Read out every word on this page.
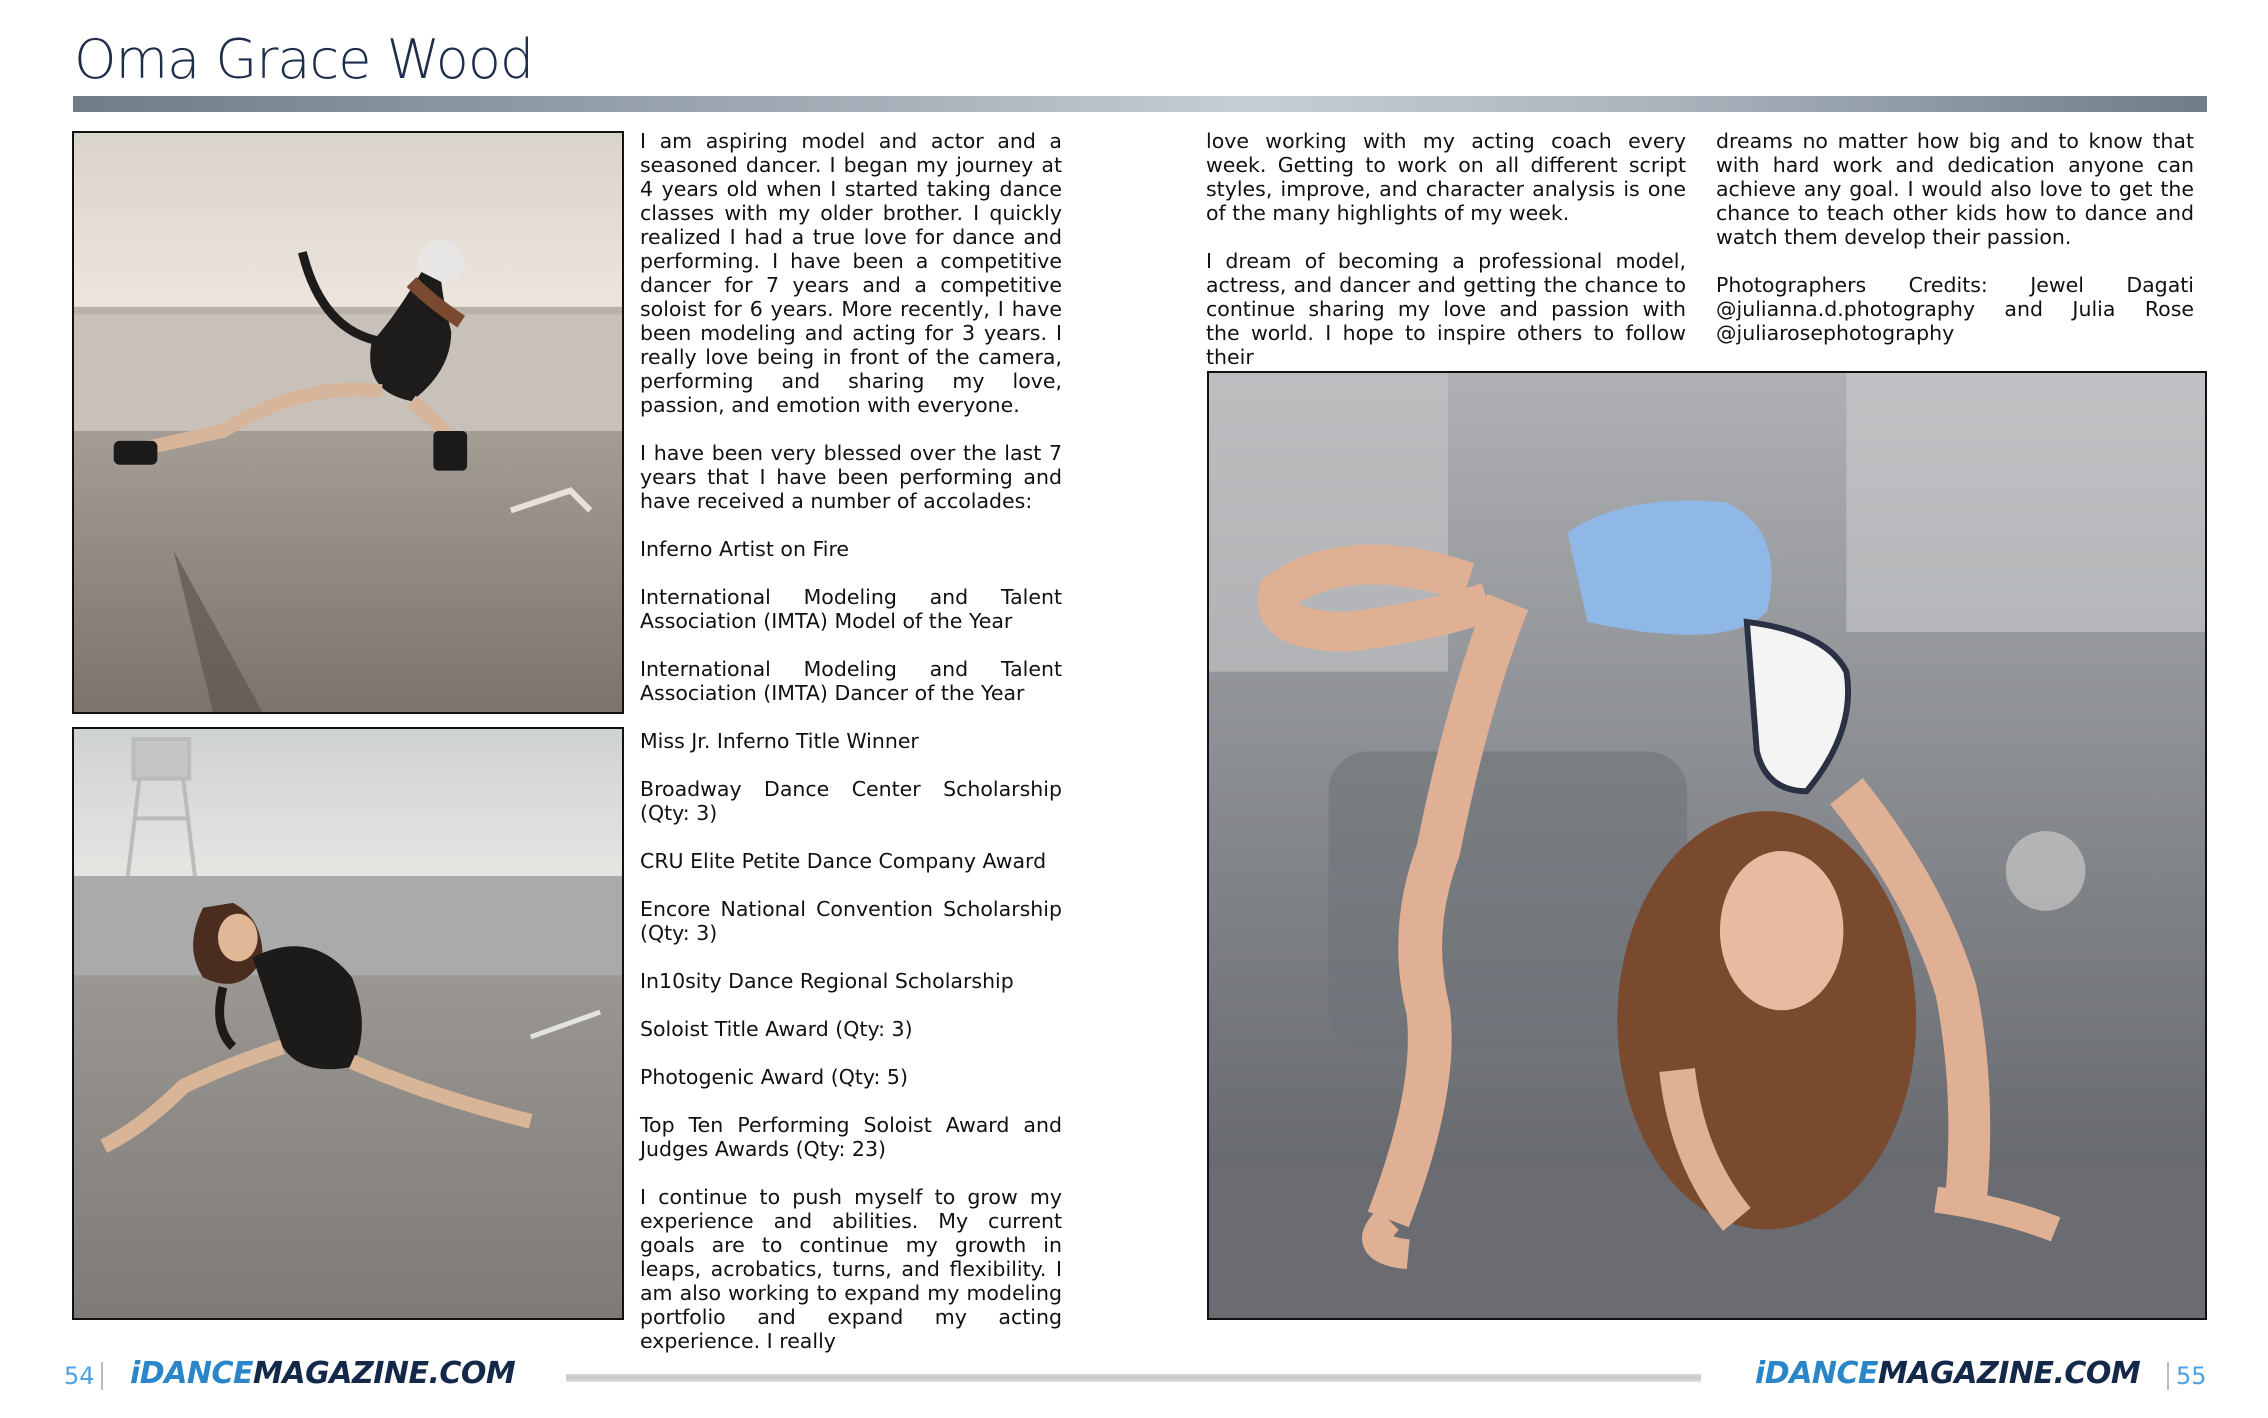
Oma Grace Wood

I am aspiring model and actor and a seasoned dancer. I began my journey at 4 years old when I started taking dance classes with my older brother. I quickly realized I had a true love for dance and performing. I have been a competitive dancer for 7 years and a competitive soloist for 6 years. More recently, I have been modeling and acting for 3 years. I really love being in front of the camera, performing and sharing my love, passion, and emotion with everyone.

I have been very blessed over the last 7 years that I have been performing and have received a number of accolades:

Inferno Artist on Fire

International Modeling and Talent Association (IMTA) Model of the Year

International Modeling and Talent Association (IMTA) Dancer of the Year

Miss Jr. Inferno Title Winner

Broadway Dance Center Scholarship (Qty: 3)

CRU Elite Petite Dance Company Award

Encore National Convention Scholarship (Qty: 3)

In10sity Dance Regional Scholarship

Soloist Title Award (Qty: 3)

Photogenic Award (Qty: 5)

Top Ten Performing Soloist Award and Judges Awards (Qty: 23)

I continue to push myself to grow my experience and abilities. My current goals are to continue my growth in leaps, acrobatics, turns, and flexibility. I am also working to expand my modeling portfolio and expand my acting experience. I really

love working with my acting coach every week. Getting to work on all different script styles, improve, and character analysis is one of the many highlights of my week.

I dream of becoming a professional model, actress, and dancer and getting the chance to continue sharing my love and passion with the world. I hope to inspire others to follow their

dreams no matter how big and to know that with hard work and dedication anyone can achieve any goal. I would also love to get the chance to teach other kids how to dance and watch them develop their passion.

Photographers Credits: Jewel Dagati @julianna.d.photography and Julia Rose @juliarosephotography

54 iDANCEMAGAZINE.COM	iDANCEMAGAZINE.COM 55
